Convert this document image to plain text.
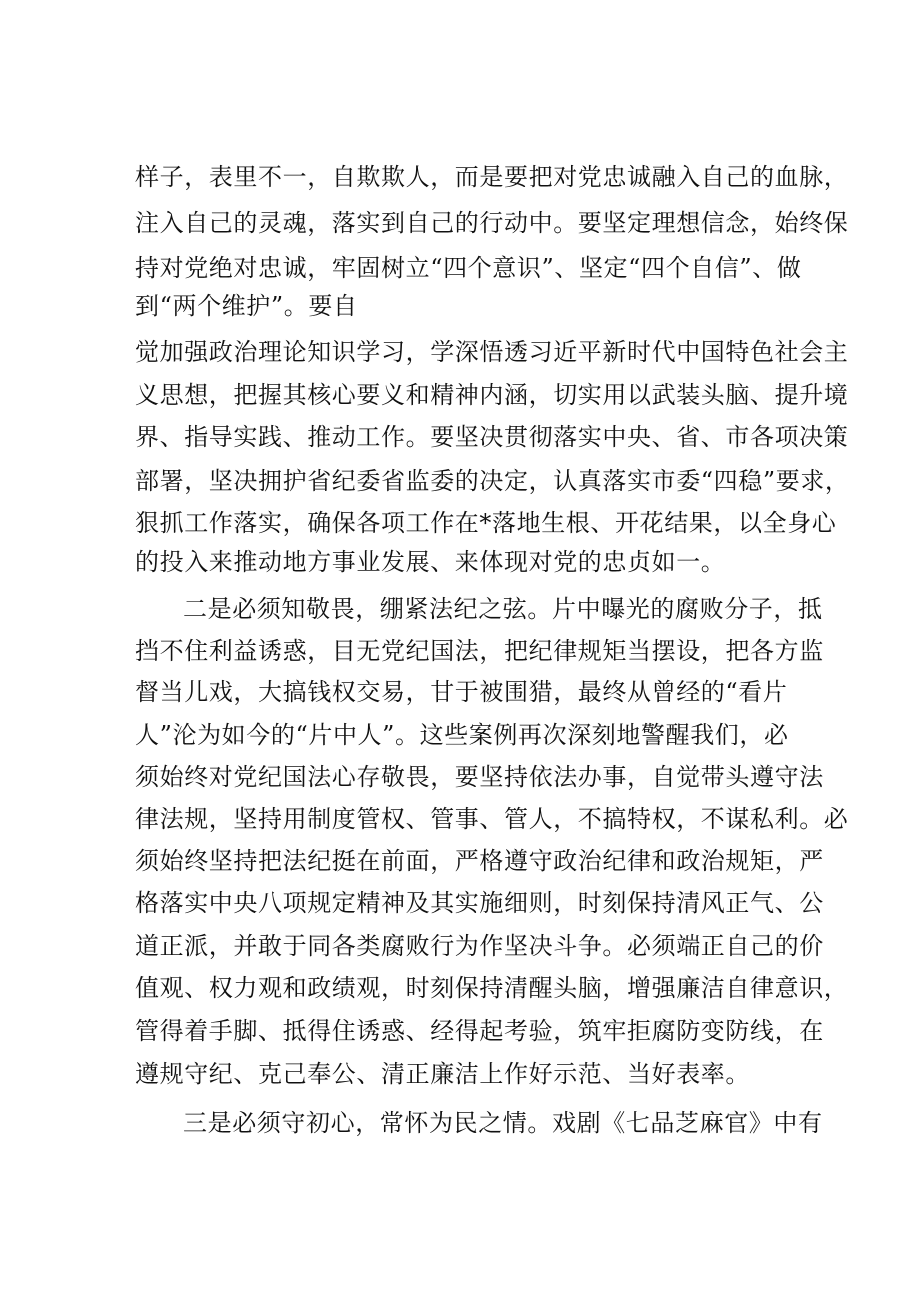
样子，表里不一，自欺欺人，而是要把对党忠诚融入自己的血脉，
注入自己的灵魂，落实到自己的行动中。要坚定理想信念，始终保
持对党绝对忠诚，牢固树立“四个意识”、坚定“四个自信”、做
到“两个维护”。要自
觉加强政治理论知识学习，学深悟透习近平新时代中国特色社会主
义思想，把握其核心要义和精神内涵，切实用以武装头脑、提升境
界、指导实践、推动工作。要坚决贯彻落实中央、省、市各项决策
部署，坚决拥护省纪委省监委的决定，认真落实市委“四稳”要求，
狠抓工作落实，确保各项工作在*落地生根、开花结果，以全身心
的投入来推动地方事业发展、来体现对党的忠贞如一。
二是必须知敬畏，绷紧法纪之弦。片中曝光的腐败分子，抵
挡不住利益诱惑，目无党纪国法，把纪律规矩当摆设，把各方监
督当儿戏，大搞钱权交易，甘于被围猎，最终从曾经的“看片
人”沦为如今的“片中人”。这些案例再次深刻地警醒我们，必
须始终对党纪国法心存敬畏，要坚持依法办事，自觉带头遵守法
律法规，坚持用制度管权、管事、管人，不搞特权，不谋私利。必
须始终坚持把法纪挺在前面，严格遵守政治纪律和政治规矩，严
格落实中央八项规定精神及其实施细则，时刻保持清风正气、公
道正派，并敢于同各类腐败行为作坚决斗争。必须端正自己的价
值观、权力观和政绩观，时刻保持清醒头脑，增强廉洁自律意识，
管得着手脚、抵得住诱惑、经得起考验，筑牢拒腐防变防线，在
遵规守纪、克己奉公、清正廉洁上作好示范、当好表率。
三是必须守初心，常怀为民之情。戏剧《七品芝麻官》中有
